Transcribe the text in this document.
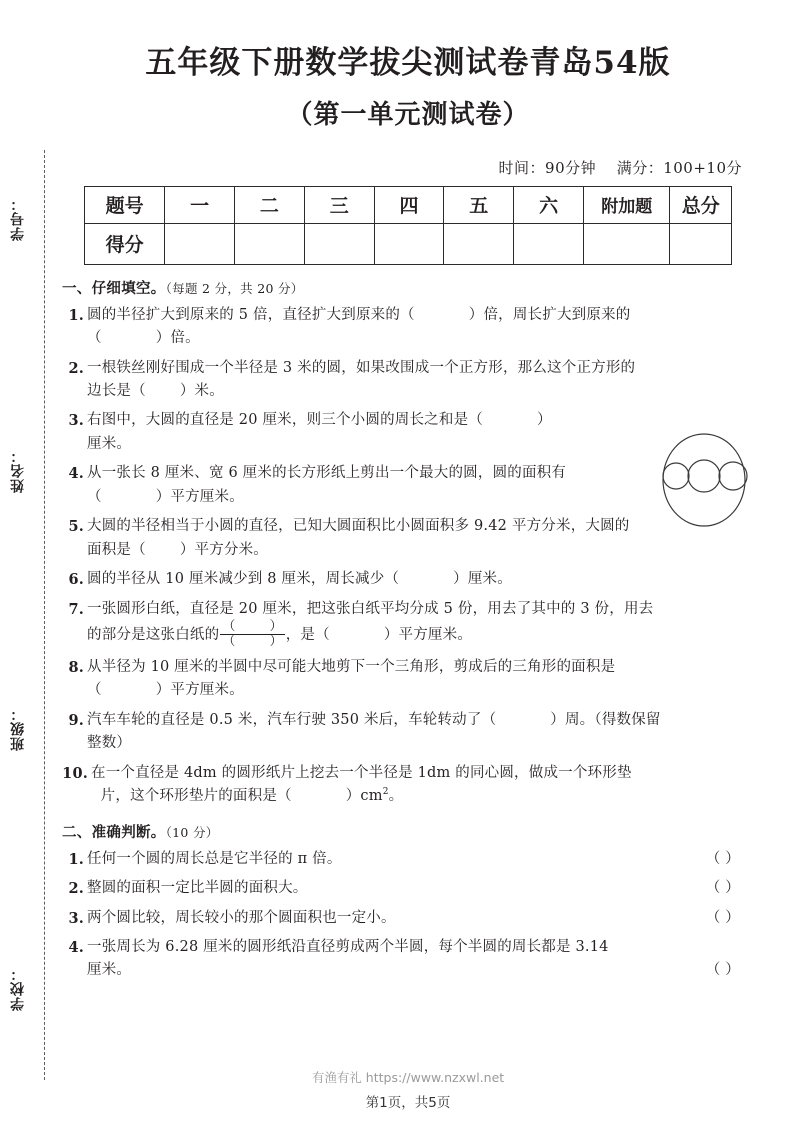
学号：
姓名：
班级：
学校：
五年级下册数学拔尖测试卷青岛54版
（第一单元测试卷）
时间：90分钟 满分：100+10分
题号	一	二	三	四	五	六	附加题	总分
得分								
一、仔细填空。（每题 2 分，共 20 分）
1. 圆的半径扩大到原来的 5 倍，直径扩大到原来的（	）倍，周长扩大到原来的
（	）倍。
2. 一根铁丝刚好围成一个半径是 3 米的圆，如果改围成一个正方形，那么这个正方形的
边长是（ ）米。
3. 右图中，大圆的直径是 20 厘米，则三个小圆的周长之和是（	）
厘米。
4. 从一张长 8 厘米、宽 6 厘米的长方形纸上剪出一个最大的圆，圆的面积有
（	）平方厘米。
5. 大圆的半径相当于小圆的直径，已知大圆面积比小圆面积多 9.42 平方分米，大圆的
面积是（ ）平方分米。
6. 圆的半径从 10 厘米减少到 8 厘米，周长减少（	）厘米。
7. 一张圆形白纸，直径是 20 厘米，把这张白纸平均分成 5 份，用去了其中的 3 份，用去
的部分是这张白纸的 （	）
（	） ，是（	）平方厘米。
8. 从半径为 10 厘米的半圆中尽可能大地剪下一个三角形，剪成后的三角形的面积是
（	）平方厘米。
9. 汽车车轮的直径是 0.5 米，汽车行驶 350 米后，车轮转动了（	）周。（得数保留
整数）
10. 在一个直径是 4dm 的圆形纸片上挖去一个半径是 1dm 的同心圆，做成一个环形垫
片，这个环形垫片的面积是（	）$cm^2$。
二、准确判断。（10 分）
1.	（ ）
任何一个圆的周长总是它半径的 π 倍。
2.	（ ）
整圆的面积一定比半圆的面积大。
3.	（ ）
两个圆比较，周长较小的那个圆面积也一定小。
4. 一张周长为 6.28 厘米的圆形纸沿直径剪成两个半圆，每个半圆的周长都是 3.14

（ ）
厘米。
有渔有礼 https://www.nzxwl.net
第1页，共5页
